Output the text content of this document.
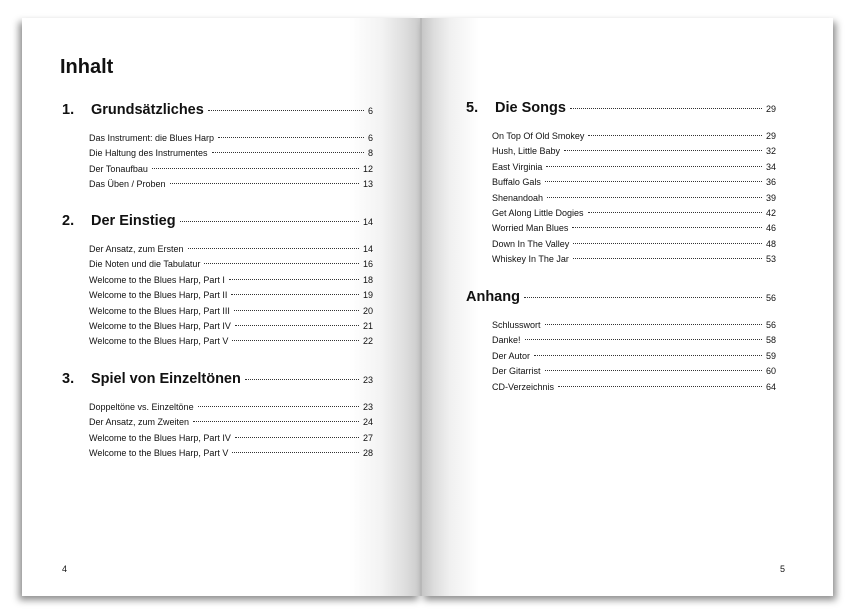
Inhalt
1.	Grundsätzliches	6
Das Instrument: die Blues Harp	6
Die Haltung des Instrumentes	8
Der Tonaufbau	12
Das Üben / Proben	13
2.	Der Einstieg	14
Der Ansatz, zum Ersten	14
Die Noten und die Tabulatur	16
Welcome to the Blues Harp, Part I	18
Welcome to the Blues Harp, Part II	19
Welcome to the Blues Harp, Part III	20
Welcome to the Blues Harp, Part IV	21
Welcome to the Blues Harp, Part V	22
3.	Spiel von Einzeltönen	23
Doppeltöne vs. Einzeltöne	23
Der Ansatz, zum Zweiten	24
Welcome to the Blues Harp, Part IV	27
Welcome to the Blues Harp, Part V	28
5.	Die Songs	29
On Top Of Old Smokey	29
Hush, Little Baby	32
East Virginia	34
Buffalo Gals	36
Shenandoah	39
Get Along Little Dogies	42
Worried Man Blues	46
Down In The Valley	48
Whiskey In The Jar	53
Anhang	56
Schlusswort	56
Danke!	58
Der Autor	59
Der Gitarrist	60
CD-Verzeichnis	64
4	5
